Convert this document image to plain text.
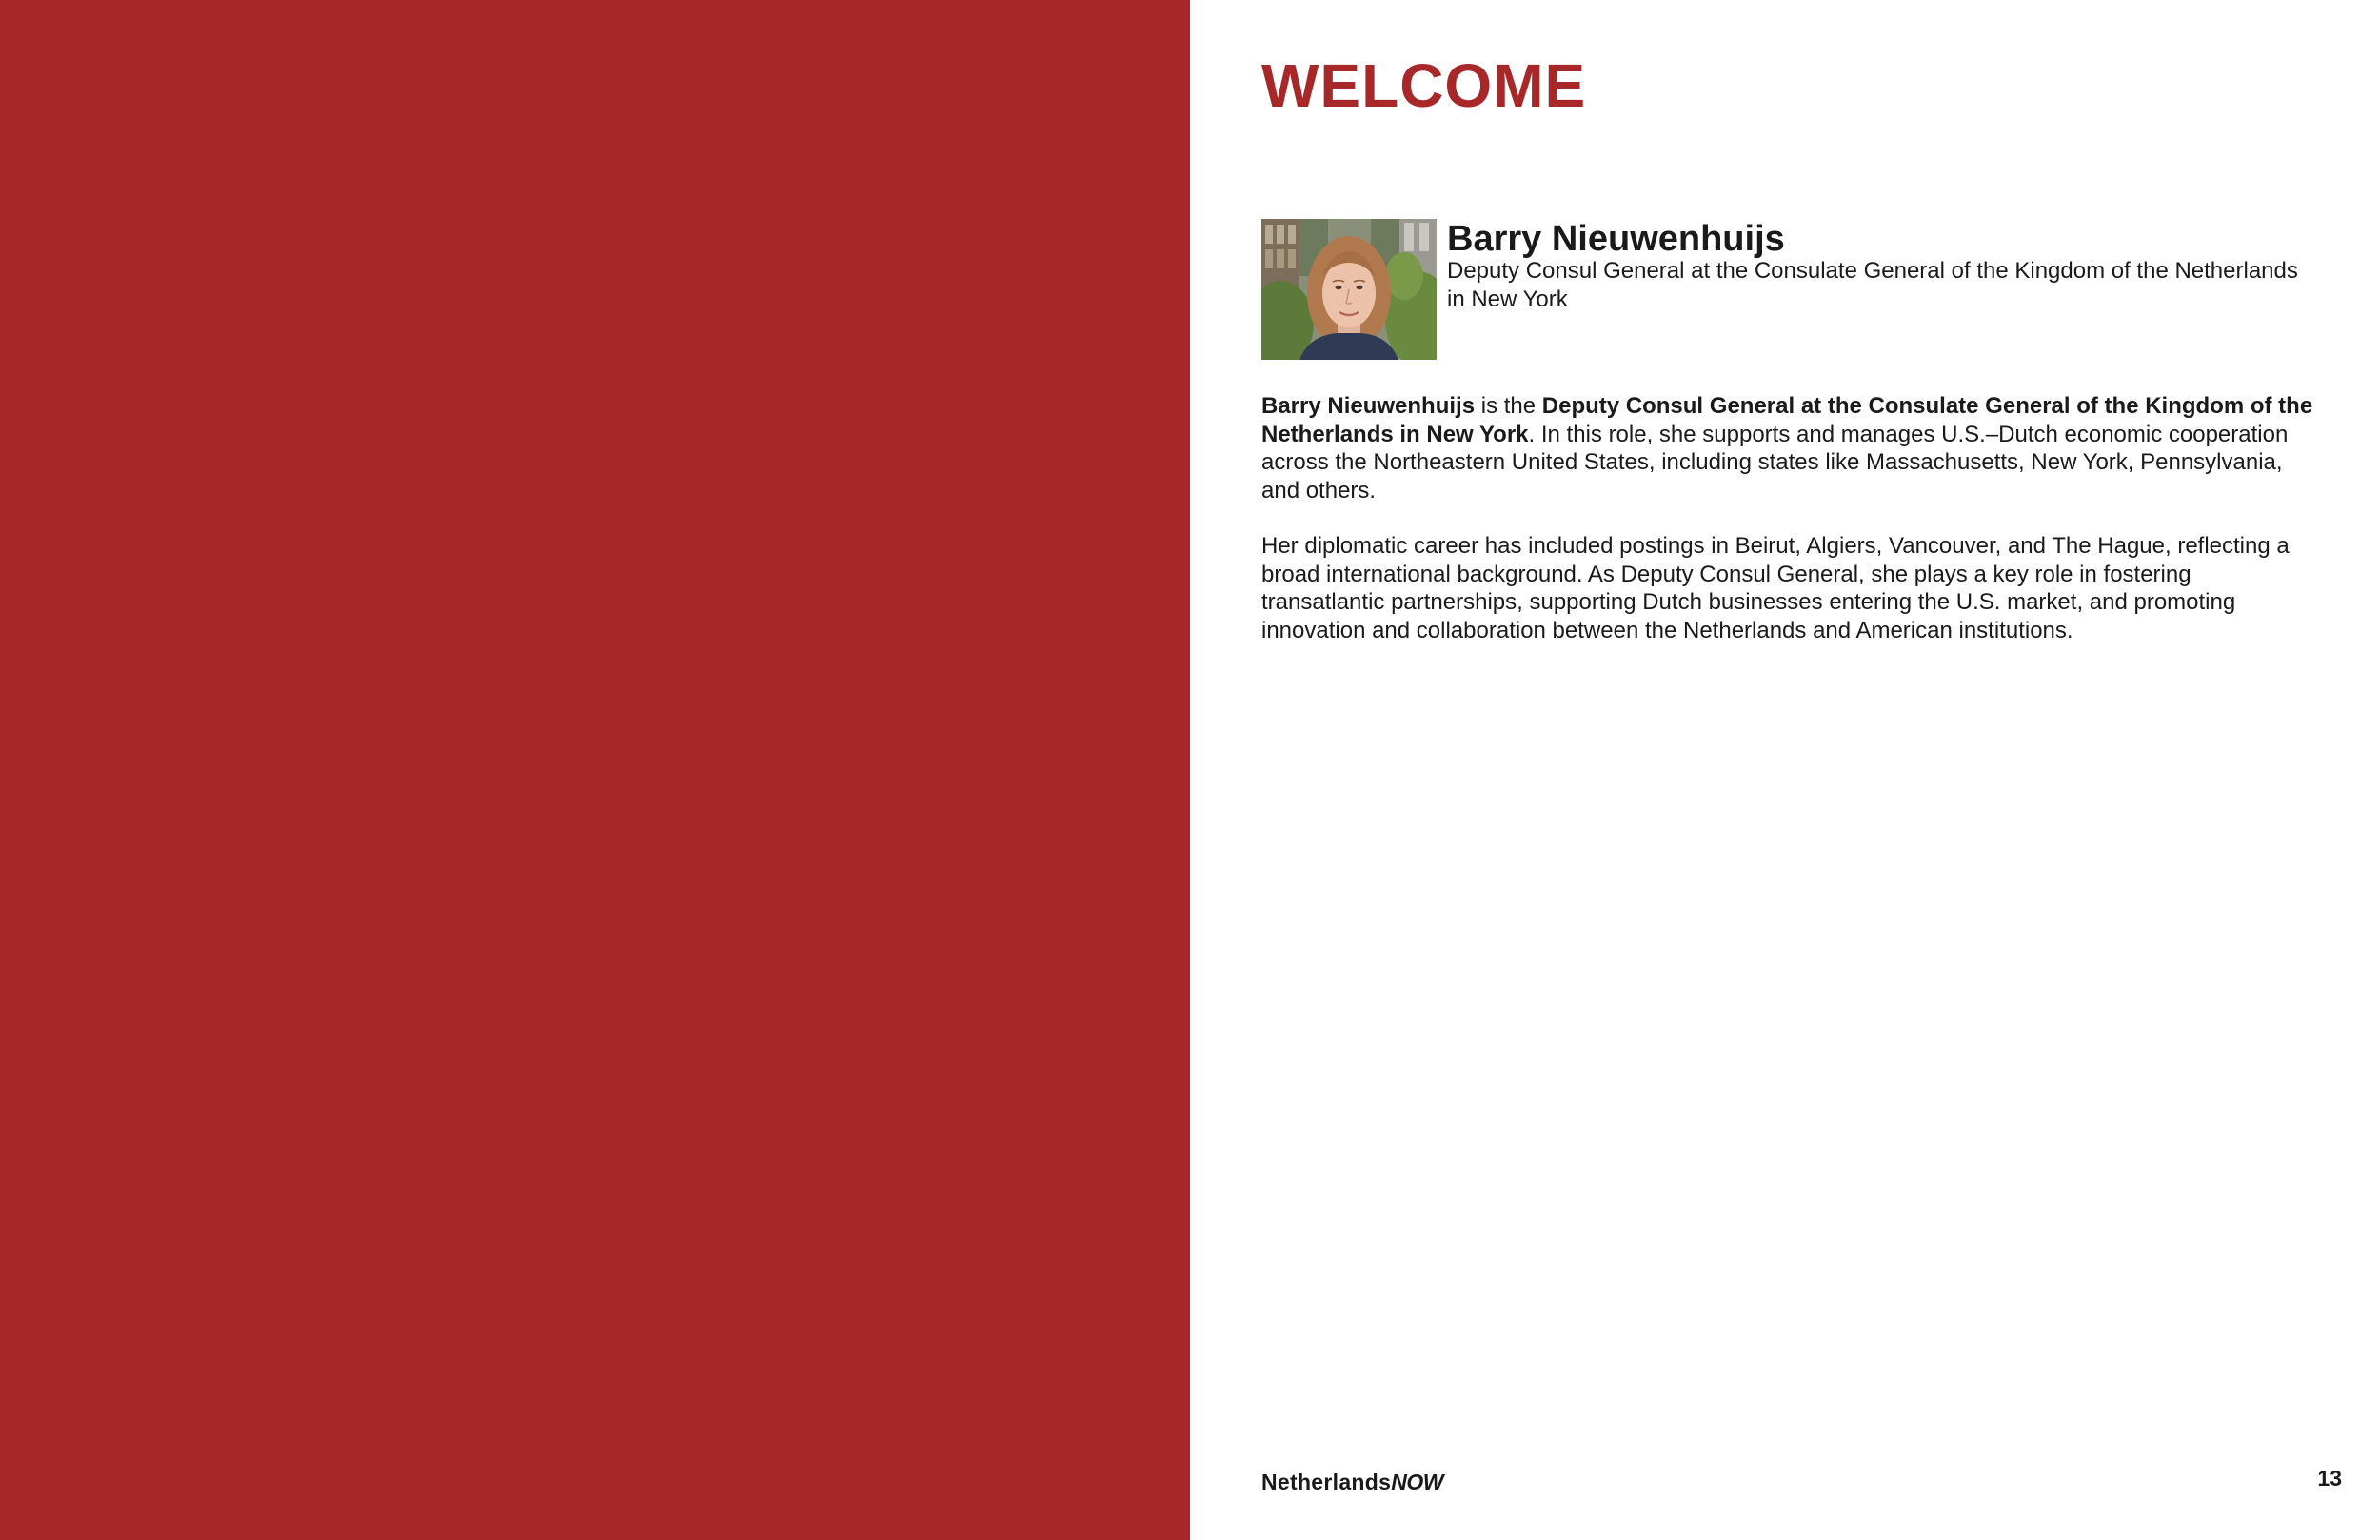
WELCOME
Barry Nieuwenhuijs
Deputy Consul General at the Consulate General of the Kingdom of the Netherlands in New York

Barry Nieuwenhuijs is the Deputy Consul General at the Consulate General of the Kingdom of the Netherlands in New York. In this role, she supports and manages U.S.–Dutch economic cooperation across the Northeastern United States, including states like Massachusetts, New York, Pennsylvania, and others.

Her diplomatic career has included postings in Beirut, Algiers, Vancouver, and The Hague, reflecting a broad international background. As Deputy Consul General, she plays a key role in fostering transatlantic partnerships, supporting Dutch businesses entering the U.S. market, and promoting innovation and collaboration between the Netherlands and American institutions.

NetherlandsNOW	13
